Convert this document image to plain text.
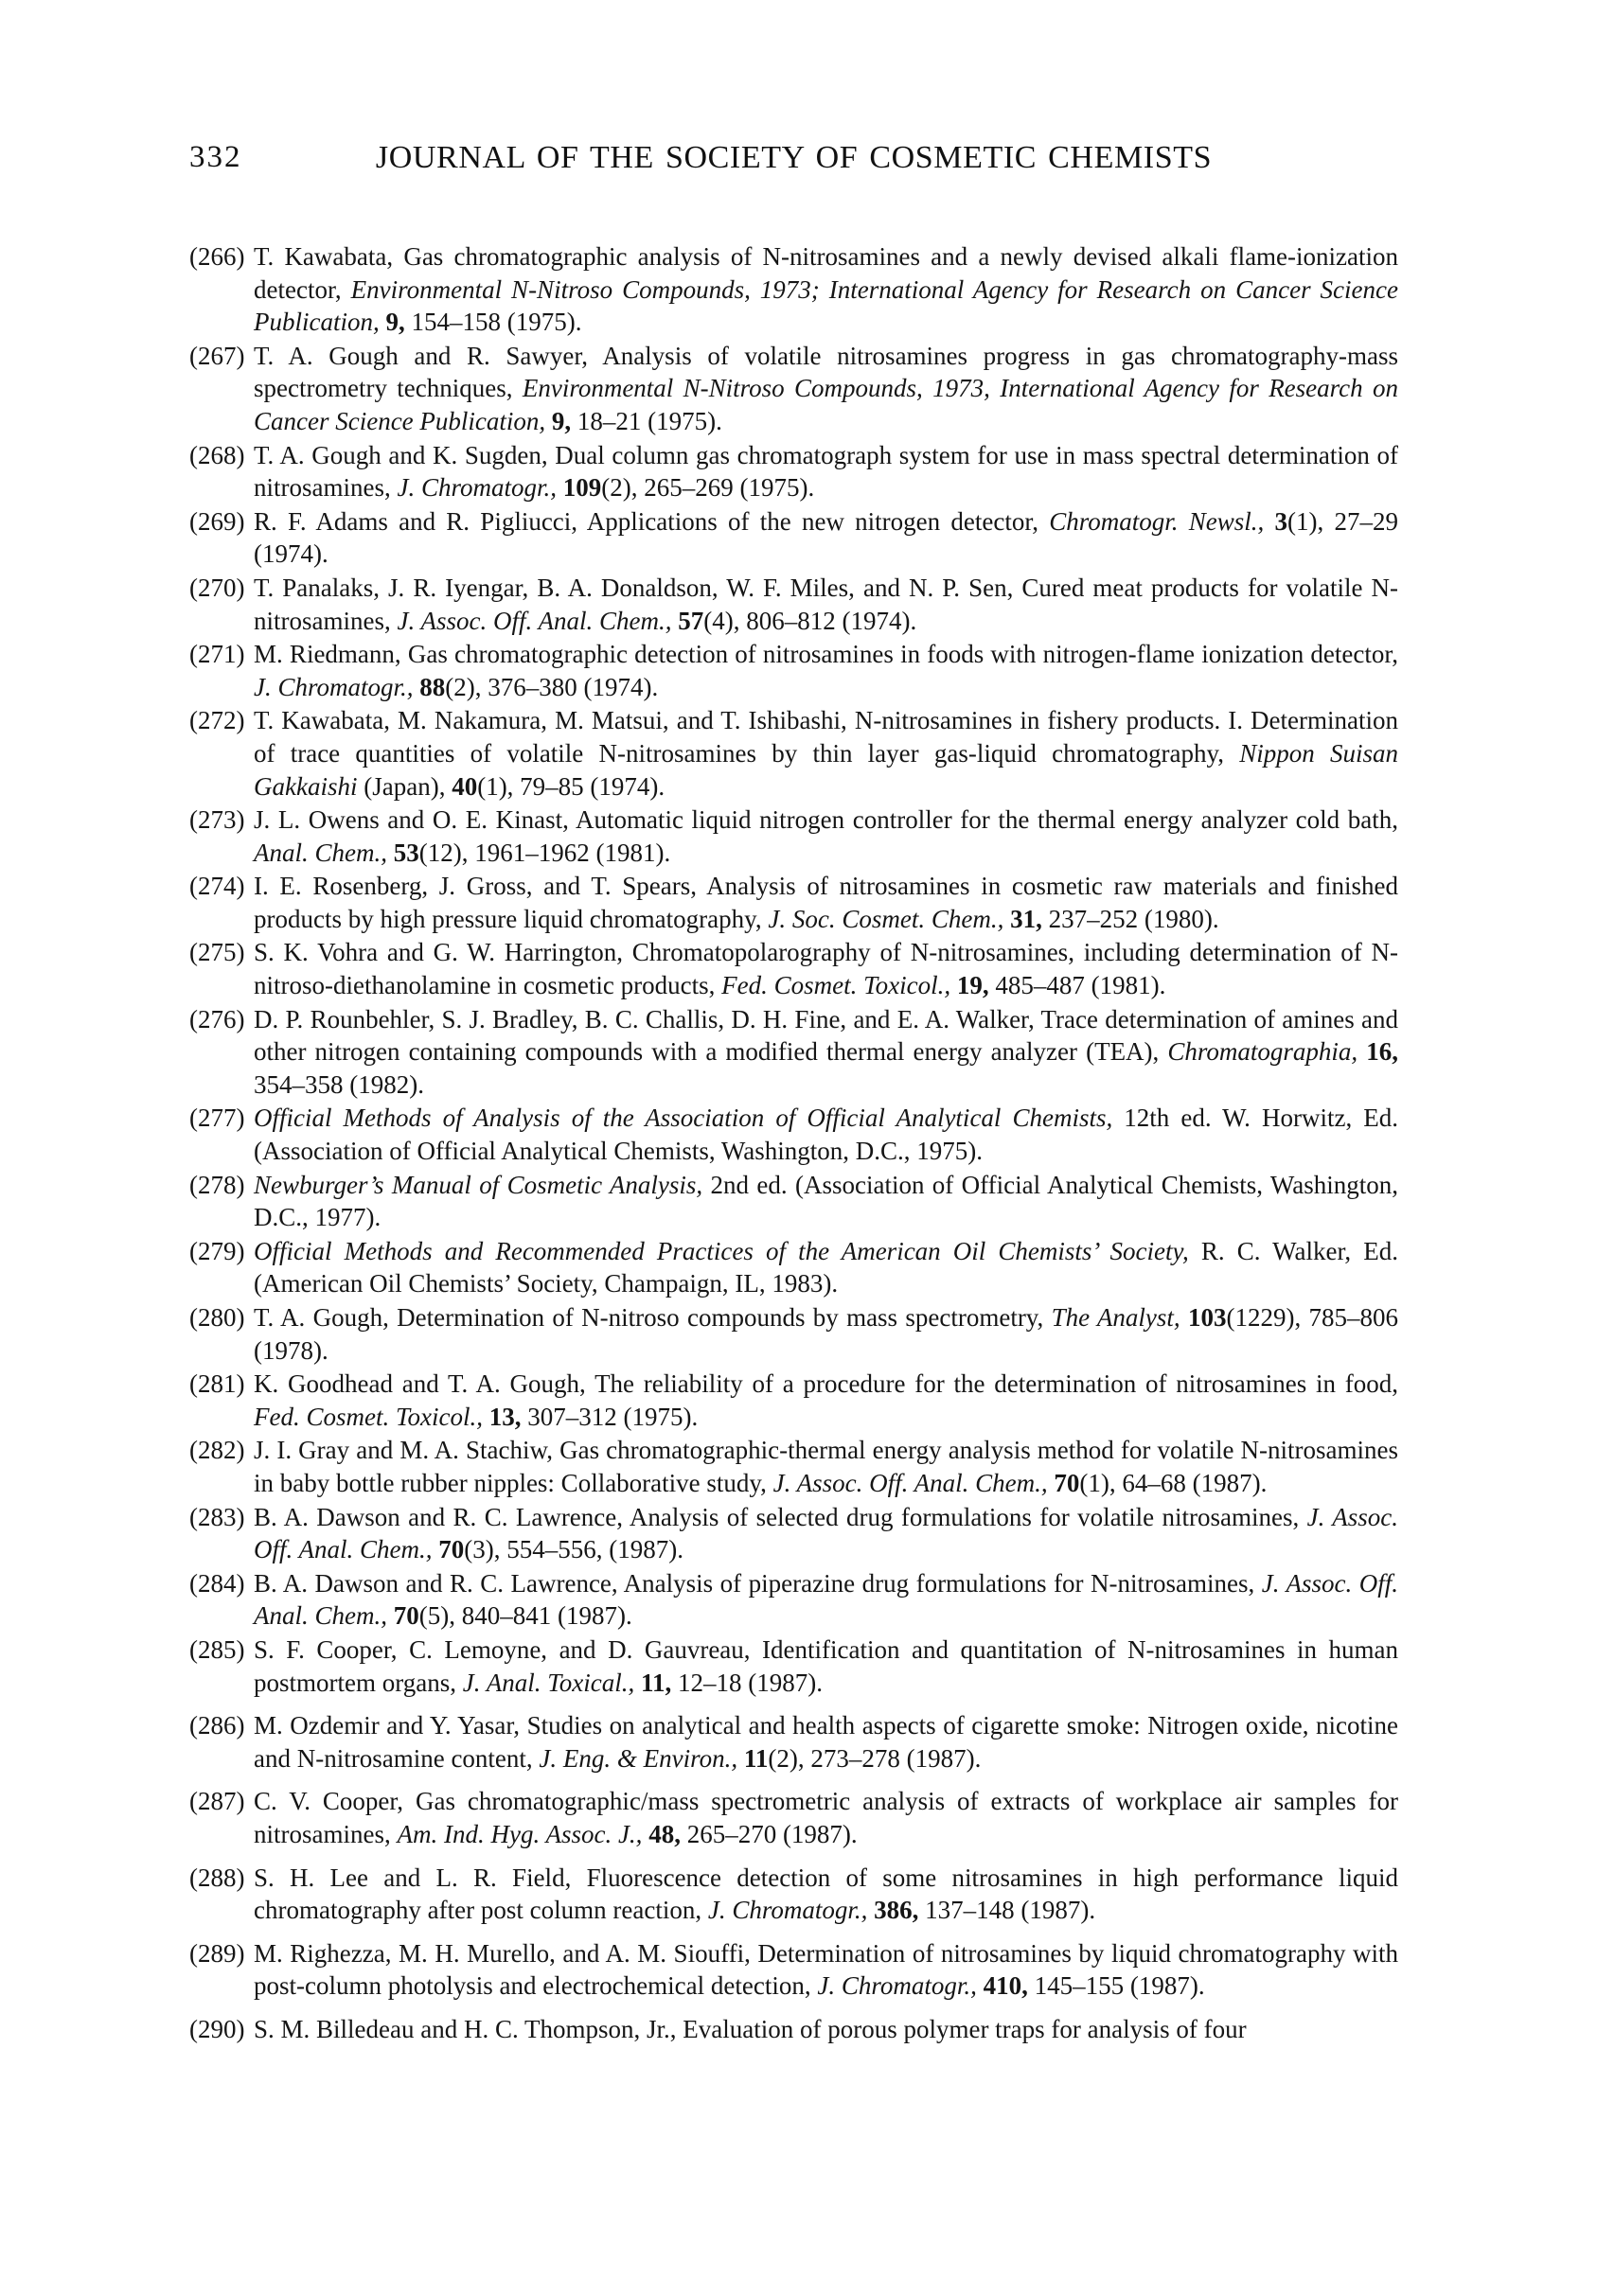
332	JOURNAL OF THE SOCIETY OF COSMETIC CHEMISTS
(266) T. Kawabata, Gas chromatographic analysis of N-nitrosamines and a newly devised alkali flame-ionization detector, Environmental N-Nitroso Compounds, 1973; International Agency for Research on Cancer Science Publication, 9, 154–158 (1975).
(267) T. A. Gough and R. Sawyer, Analysis of volatile nitrosamines progress in gas chromatography-mass spectrometry techniques, Environmental N-Nitroso Compounds, 1973, International Agency for Research on Cancer Science Publication, 9, 18–21 (1975).
(268) T. A. Gough and K. Sugden, Dual column gas chromatograph system for use in mass spectral determination of nitrosamines, J. Chromatogr., 109(2), 265–269 (1975).
(269) R. F. Adams and R. Pigliucci, Applications of the new nitrogen detector, Chromatogr. Newsl., 3(1), 27–29 (1974).
(270) T. Panalaks, J. R. Iyengar, B. A. Donaldson, W. F. Miles, and N. P. Sen, Cured meat products for volatile N-nitrosamines, J. Assoc. Off. Anal. Chem., 57(4), 806–812 (1974).
(271) M. Riedmann, Gas chromatographic detection of nitrosamines in foods with nitrogen-flame ionization detector, J. Chromatogr., 88(2), 376–380 (1974).
(272) T. Kawabata, M. Nakamura, M. Matsui, and T. Ishibashi, N-nitrosamines in fishery products. I. Determination of trace quantities of volatile N-nitrosamines by thin layer gas-liquid chromatography, Nippon Suisan Gakkaishi (Japan), 40(1), 79–85 (1974).
(273) J. L. Owens and O. E. Kinast, Automatic liquid nitrogen controller for the thermal energy analyzer cold bath, Anal. Chem., 53(12), 1961–1962 (1981).
(274) I. E. Rosenberg, J. Gross, and T. Spears, Analysis of nitrosamines in cosmetic raw materials and finished products by high pressure liquid chromatography, J. Soc. Cosmet. Chem., 31, 237–252 (1980).
(275) S. K. Vohra and G. W. Harrington, Chromatopolarography of N-nitrosamines, including determination of N-nitroso-diethanolamine in cosmetic products, Fed. Cosmet. Toxicol., 19, 485–487 (1981).
(276) D. P. Rounbehler, S. J. Bradley, B. C. Challis, D. H. Fine, and E. A. Walker, Trace determination of amines and other nitrogen containing compounds with a modified thermal energy analyzer (TEA), Chromatographia, 16, 354–358 (1982).
(277) Official Methods of Analysis of the Association of Official Analytical Chemists, 12th ed. W. Horwitz, Ed. (Association of Official Analytical Chemists, Washington, D.C., 1975).
(278) Newburger’s Manual of Cosmetic Analysis, 2nd ed. (Association of Official Analytical Chemists, Washington, D.C., 1977).
(279) Official Methods and Recommended Practices of the American Oil Chemists’ Society, R. C. Walker, Ed. (American Oil Chemists’ Society, Champaign, IL, 1983).
(280) T. A. Gough, Determination of N-nitroso compounds by mass spectrometry, The Analyst, 103(1229), 785–806 (1978).
(281) K. Goodhead and T. A. Gough, The reliability of a procedure for the determination of nitrosamines in food, Fed. Cosmet. Toxicol., 13, 307–312 (1975).
(282) J. I. Gray and M. A. Stachiw, Gas chromatographic-thermal energy analysis method for volatile N-nitrosamines in baby bottle rubber nipples: Collaborative study, J. Assoc. Off. Anal. Chem., 70(1), 64–68 (1987).
(283) B. A. Dawson and R. C. Lawrence, Analysis of selected drug formulations for volatile nitrosamines, J. Assoc. Off. Anal. Chem., 70(3), 554–556, (1987).
(284) B. A. Dawson and R. C. Lawrence, Analysis of piperazine drug formulations for N-nitrosamines, J. Assoc. Off. Anal. Chem., 70(5), 840–841 (1987).
(285) S. F. Cooper, C. Lemoyne, and D. Gauvreau, Identification and quantitation of N-nitrosamines in human postmortem organs, J. Anal. Toxical., 11, 12–18 (1987).
(286) M. Ozdemir and Y. Yasar, Studies on analytical and health aspects of cigarette smoke: Nitrogen oxide, nicotine and N-nitrosamine content, J. Eng. & Environ., 11(2), 273–278 (1987).
(287) C. V. Cooper, Gas chromatographic/mass spectrometric analysis of extracts of workplace air samples for nitrosamines, Am. Ind. Hyg. Assoc. J., 48, 265–270 (1987).
(288) S. H. Lee and L. R. Field, Fluorescence detection of some nitrosamines in high performance liquid chromatography after post column reaction, J. Chromatogr., 386, 137–148 (1987).
(289) M. Righezza, M. H. Murello, and A. M. Siouffi, Determination of nitrosamines by liquid chromatography with post-column photolysis and electrochemical detection, J. Chromatogr., 410, 145–155 (1987).
(290) S. M. Billedeau and H. C. Thompson, Jr., Evaluation of porous polymer traps for analysis of four
